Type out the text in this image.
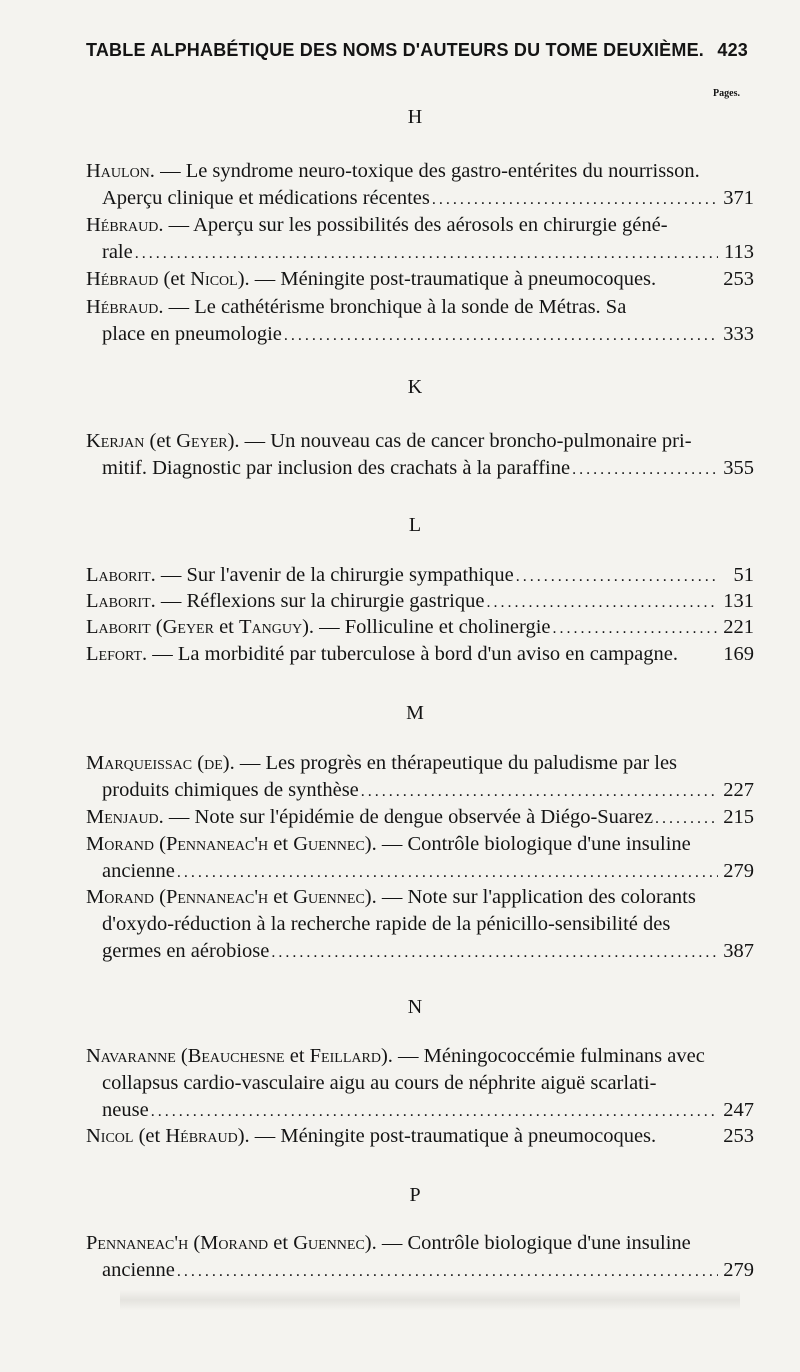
TABLE ALPHABÉTIQUE DES NOMS D'AUTEURS DU TOME DEUXIÈME. 423
Pages.
H
Haulon. — Le syndrome neuro-toxique des gastro-entérites du nourrisson.
Aperçu clinique et médications récentes .....	371
Hébraud. — Aperçu sur les possibilités des aérosols en chirurgie géné-
rale .....	113
Hébraud (et Nicol). — Méningite post-traumatique à pneumocoques.	253
Hébraud. — Le cathétérisme bronchique à la sonde de Métras. Sa
place en pneumologie .....	333
K
Kerjan (et Geyer). — Un nouveau cas de cancer broncho-pulmonaire pri-
mitif. Diagnostic par inclusion des crachats à la paraffine .....	355
L
Laborit. — Sur l'avenir de la chirurgie sympathique .....	51
Laborit. — Réflexions sur la chirurgie gastrique .....	131
Laborit (Geyer et Tanguy). — Folliculine et cholinergie .....	221
Lefort. — La morbidité par tuberculose à bord d'un aviso en campagne. 169
M
Marqueissac (de). — Les progrès en thérapeutique du paludisme par les
produits chimiques de synthèse .....	227
Menjaud. — Note sur l'épidémie de dengue observée à Diégo-Suarez .....	215
Morand (Pennaneac'h et Guennec). — Contrôle biologique d'une insuline
ancienne .....	279
Morand (Pennaneac'h et Guennec). — Note sur l'application des colorants
d'oxydo-réduction à la recherche rapide de la pénicillo-sensibilité des
germes en aérobiose .....	387
N
Navaranne (Beauchesne et Feillard). — Méningococcémie fulminans avec
collapsus cardio-vasculaire aigu au cours de néphrite aiguë scarlati-
neuse .....	247
Nicol (et Hébraud). — Méningite post-traumatique à pneumocoques.	253
P
Pennaneac'h (Morand et Guennec). — Contrôle biologique d'une insuline
ancienne .....	279
